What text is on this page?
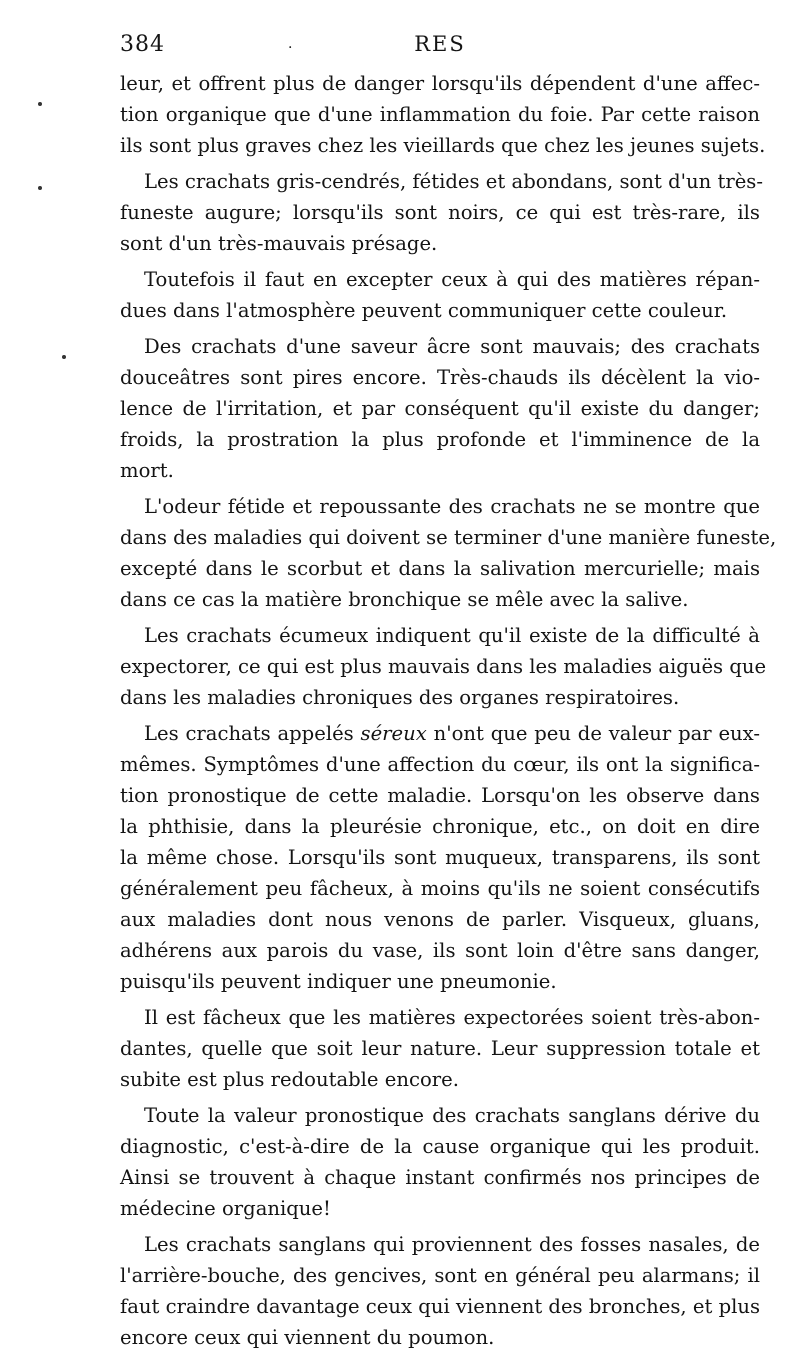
384	·	RES
leur, et offrent plus de danger lorsqu'ils dépendent d'une affec-
tion organique que d'une inflammation du foie. Par cette raison
ils sont plus graves chez les vieillards que chez les jeunes sujets.
Les crachats gris-cendrés, fétides et abondans, sont d'un très-
funeste augure; lorsqu'ils sont noirs, ce qui est très-rare, ils
sont d'un très-mauvais présage.
Toutefois il faut en excepter ceux à qui des matières répan-
dues dans l'atmosphère peuvent communiquer cette couleur.
Des crachats d'une saveur âcre sont mauvais; des crachats
douceâtres sont pires encore. Très-chauds ils décèlent la vio-
lence de l'irritation, et par conséquent qu'il existe du danger;
froids, la prostration la plus profonde et l'imminence de la
mort.
L'odeur fétide et repoussante des crachats ne se montre que
dans des maladies qui doivent se terminer d'une manière funeste,
excepté dans le scorbut et dans la salivation mercurielle; mais
dans ce cas la matière bronchique se mêle avec la salive.
Les crachats écumeux indiquent qu'il existe de la difficulté à
expectorer, ce qui est plus mauvais dans les maladies aiguës que
dans les maladies chroniques des organes respiratoires.
Les crachats appelés séreux n'ont que peu de valeur par eux-
mêmes. Symptômes d'une affection du cœur, ils ont la significa-
tion pronostique de cette maladie. Lorsqu'on les observe dans
la phthisie, dans la pleurésie chronique, etc., on doit en dire
la même chose. Lorsqu'ils sont muqueux, transparens, ils sont
généralement peu fâcheux, à moins qu'ils ne soient consécutifs
aux maladies dont nous venons de parler. Visqueux, gluans,
adhérens aux parois du vase, ils sont loin d'être sans danger,
puisqu'ils peuvent indiquer une pneumonie.
Il est fâcheux que les matières expectorées soient très-abon-
dantes, quelle que soit leur nature. Leur suppression totale et
subite est plus redoutable encore.
Toute la valeur pronostique des crachats sanglans dérive du
diagnostic, c'est-à-dire de la cause organique qui les produit.
Ainsi se trouvent à chaque instant confirmés nos principes de
médecine organique!
Les crachats sanglans qui proviennent des fosses nasales, de
l'arrière-bouche, des gencives, sont en général peu alarmans; il
faut craindre davantage ceux qui viennent des bronches, et plus
encore ceux qui viennent du poumon.
